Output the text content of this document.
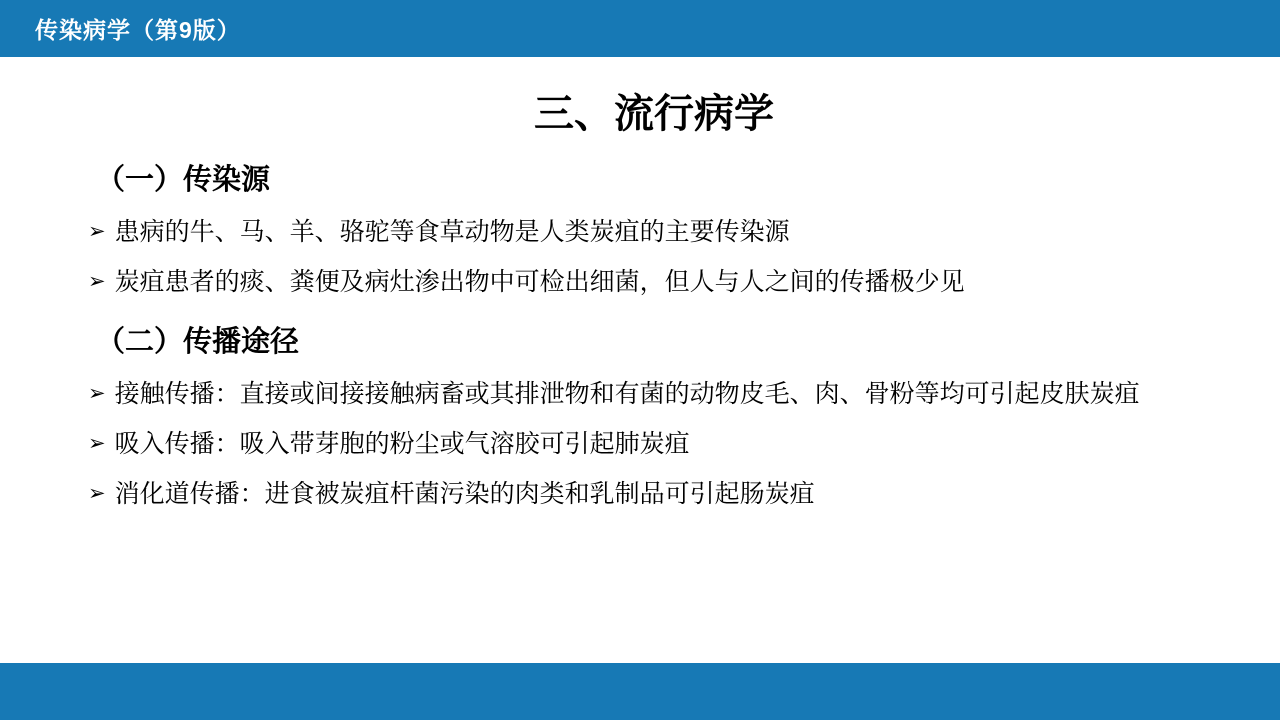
传染病学（第9版）
三、流行病学
（一）传染源
➢ 患病的牛、马、羊、骆驼等食草动物是人类炭疽的主要传染源
➢ 炭疽患者的痰、粪便及病灶渗出物中可检出细菌，但人与人之间的传播极少见
（二）传播途径
➢ 接触传播：直接或间接接触病畜或其排泄物和有菌的动物皮毛、肉、骨粉等均可引起皮肤炭疽
➢ 吸入传播：吸入带芽胞的粉尘或气溶胶可引起肺炭疽
➢ 消化道传播：进食被炭疽杆菌污染的肉类和乳制品可引起肠炭疽
